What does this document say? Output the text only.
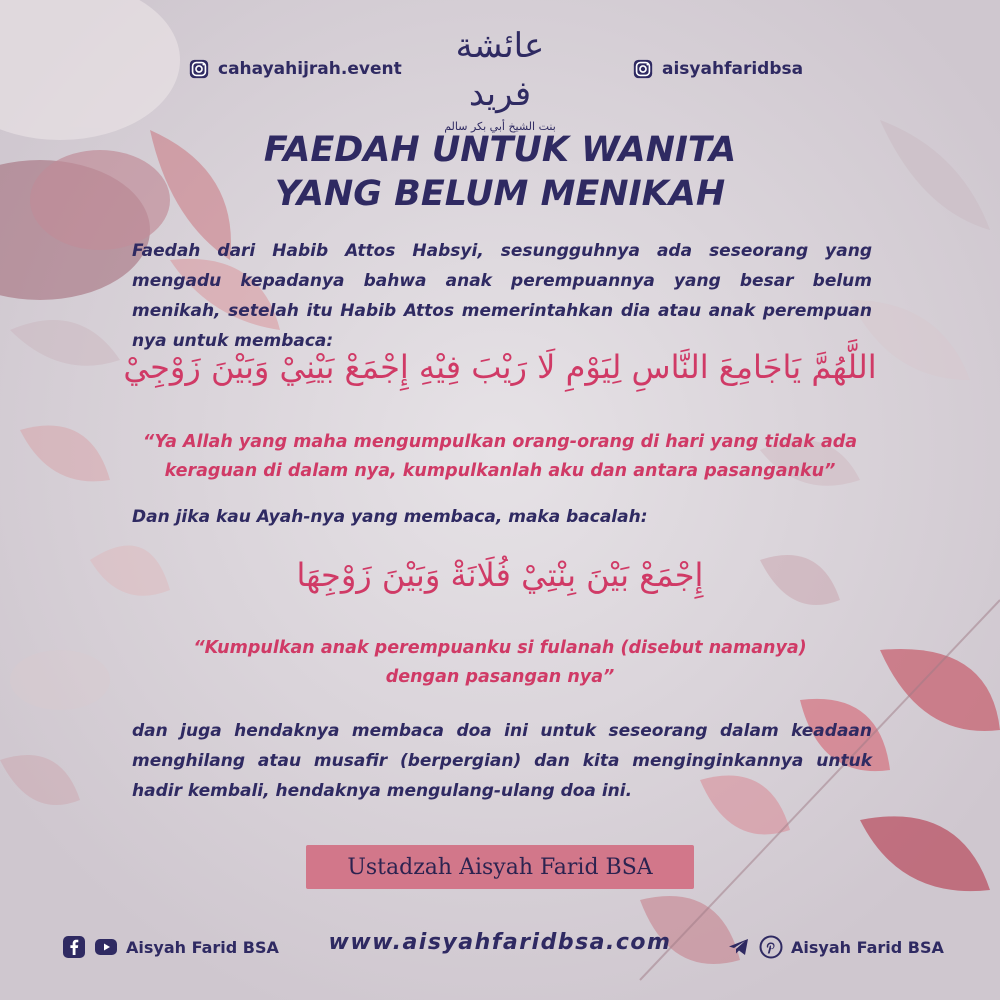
cahayahijrah.event
عائشة فريد
بنت الشيخ أبي بكر سالم
aisyahfaridbsa
FAEDAH UNTUK WANITA
YANG BELUM MENIKAH
Faedah dari Habib Attos Habsyi, sesungguhnya ada seseorang yang mengadu kepadanya bahwa anak perempuannya yang besar belum menikah, setelah itu Habib Attos memerintahkan dia atau anak perempuan nya untuk membaca:
اللَّهُمَّ يَاجَامِعَ النَّاسِ لِيَوْمِ لَا رَيْبَ فِيْهِ إِجْمَعْ بَيْنِيْ وَبَيْنَ زَوْجِيْ
“Ya Allah yang maha mengumpulkan orang-orang di hari yang tidak ada
keraguan di dalam nya, kumpulkanlah aku dan antara pasanganku”
Dan jika kau Ayah-nya yang membaca, maka bacalah:
إِجْمَعْ بَيْنَ بِنْتِيْ فُلَانَةْ وَبَيْنَ زَوْجِهَا
“Kumpulkan anak perempuanku si fulanah (disebut namanya)
dengan pasangan nya”
dan juga hendaknya membaca doa ini untuk seseorang dalam keadaan menghilang atau musafir (berpergian) dan kita menginginkannya untuk hadir kembali, hendaknya mengulang-ulang doa ini.
Ustadzah Aisyah Farid BSA
Aisyah Farid BSA	www.aisyahfaridbsa.com	Aisyah Farid BSA
